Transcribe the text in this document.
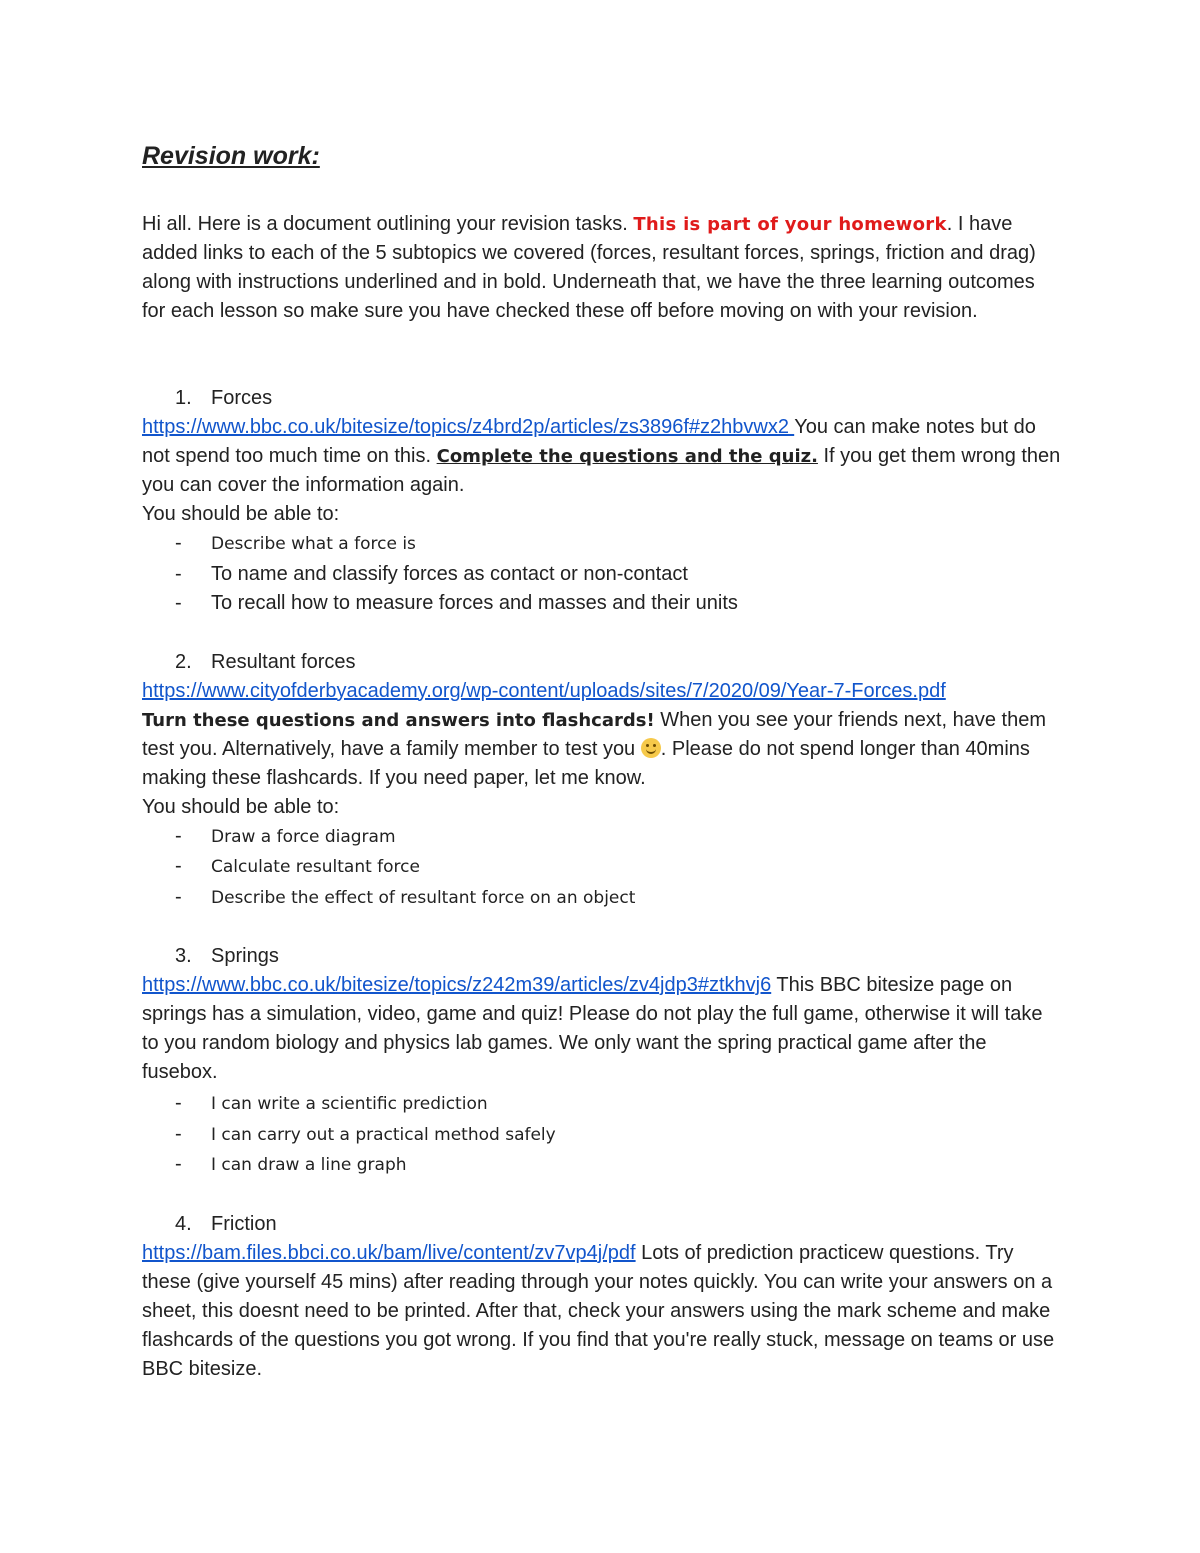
Revision work:

Hi all. Here is a document outlining your revision tasks. This is part of your homework. I have added links to each of the 5 subtopics we covered (forces, resultant forces, springs, friction and drag) along with instructions underlined and in bold. Underneath that, we have the three learning outcomes for each lesson so make sure you have checked these off before moving on with your revision.

1. Forces

https://www.bbc.co.uk/bitesize/topics/z4brd2p/articles/zs3896f#z2hbvwx2 You can make notes but do not spend too much time on this. Complete the questions and the quiz. If you get them wrong then you can cover the information again.

You should be able to:

-	Describe what a force is
-	To name and classify forces as contact or non-contact
-	To recall how to measure forces and masses and their units

2. Resultant forces

https://www.cityofderbyacademy.org/wp-content/uploads/sites/7/2020/09/Year-7-Forces.pdf

Turn these questions and answers into flashcards! When you see your friends next, have them test you. Alternatively, have a family member to test you . Please do not spend longer than 40mins making these flashcards. If you need paper, let me know.

You should be able to:

-	Draw a force diagram
-	Calculate resultant force
-	Describe the effect of resultant force on an object

3. Springs

https://www.bbc.co.uk/bitesize/topics/z242m39/articles/zv4jdp3#ztkhvj6 This BBC bitesize page on springs has a simulation, video, game and quiz! Please do not play the full game, otherwise it will take to you random biology and physics lab games. We only want the spring practical game after the fusebox.

-	I can write a scientific prediction
-	I can carry out a practical method safely
-	I can draw a line graph

4. Friction

https://bam.files.bbci.co.uk/bam/live/content/zv7vp4j/pdf Lots of prediction practicew questions. Try these (give yourself 45 mins) after reading through your notes quickly. You can write your answers on a sheet, this doesnt need to be printed. After that, check your answers using the mark scheme and make flashcards of the questions you got wrong. If you find that you're really stuck, message on teams or use BBC bitesize.
